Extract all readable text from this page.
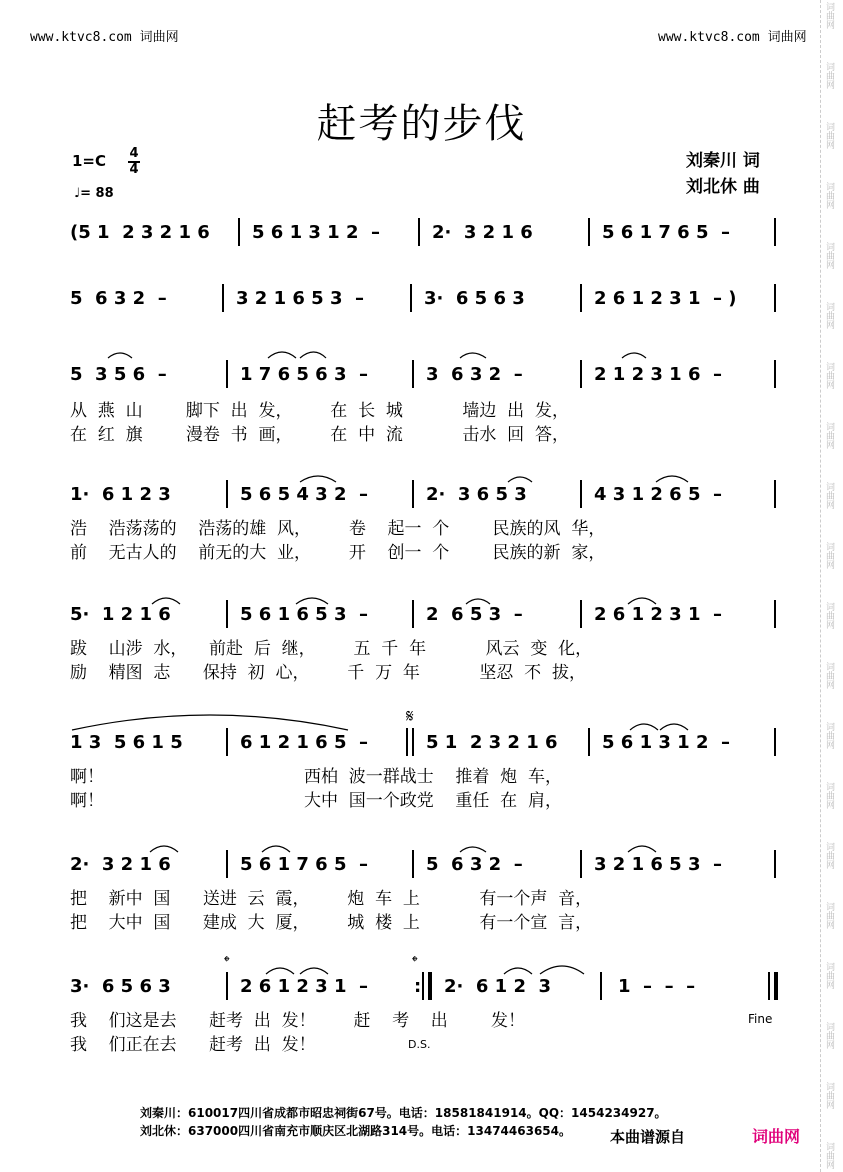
www.ktvc8.com 词曲网	www.ktvc8.com 词曲网
词曲网
词曲网
词曲网
词曲网
词曲网
词曲网
词曲网
词曲网
词曲网
词曲网
词曲网
词曲网
词曲网
词曲网
词曲网
词曲网
词曲网
词曲网
词曲网
词曲网
赶考的步伐
刘秦川 词
刘北休 曲
1=C 4
4
♩= 88
(5 1  2 3 2 1 6 5 6 1 3 1 2  –	2·  3 2 1 6	5 6 1 7 6 5  –
5  6 3 2  –	3 2 1 6 5 3  –	3·  6 5 6 3	2 6 1 2 3 1  – )
5  3 5 6  –	1 7 6 5 6 3  –	3  6 3 2  –	2 1 2 3 1 6  –
从  燕  山        脚下  出  发，       在  长  城           墙边  出  发，
在  红  旗        漫卷  书  画，       在  中  流           击水  回  答，
1·  6 1 2 3	5 6 5 4 3 2  –	2·  3 6 5 3	4 3 1 2 6 5  –
浩    浩荡荡的    浩荡的雄  风，       卷    起一  个        民族的风  华，
前    无古人的    前无的大  业，       开    创一  个        民族的新  家，
5·  1 2 1 6	5 6 1 6 5 3  –	2  6 5 3  –	2 6 1 2 3 1  –
跋    山涉  水，    前赴  后  继，       五  千  年           风云  变  化，
励    精图  志      保持  初  心，       千  万  年           坚忍  不  拔，
𝄋
1 3  5 6 1 5	6 1 2 1 6 5  –	5 1  2 3 2 1 6 5 6 1 3 1 2  –
啊！                                     西柏  波一群战士    推着  炮  车，
啊！                                     大中  国一个政党    重任  在  肩，
2·  3 2 1 6	5 6 1 7 6 5  –	5  6 3 2  –	3 2 1 6 5 3  –
把    新中  国      送进  云  霞，       炮  车  上           有一个声  音，
把    大中  国      建成  大  厦，       城  楼  上           有一个宣  言，
𝄌	𝄌
3·  6 5 6 3	2 6 1 2 3 1  –	: 2·  6 1 2  3	1  –  –  –
我    们这是去      赶考  出  发！       赶    考    出        发！
我    们正在去      赶考  出  发！
Fine
D.S.
刘秦川：610017四川省成都市昭忠祠街67号。电话：18581841914。QQ：1454234927。
刘北休：637000四川省南充市顺庆区北湖路314号。电话：13474463654。	本曲谱源自	词曲网
